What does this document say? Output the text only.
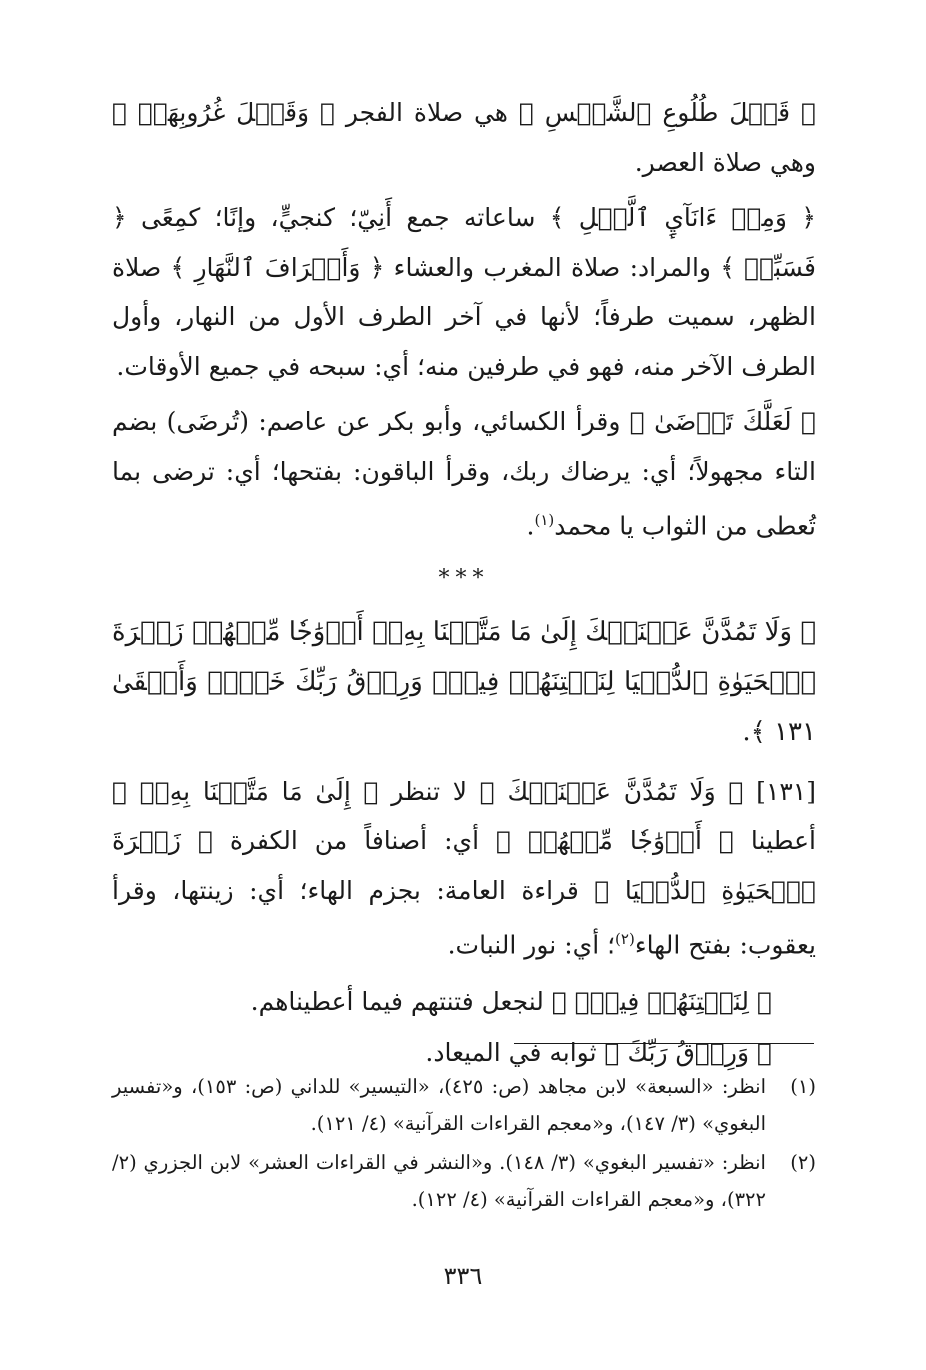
﴿ قَبۡلَ طُلُوعِ ٱلشَّمۡسِ ﴾ هي صلاة الفجر ﴿ وَقَبۡلَ غُرُوبِهَاۖ ﴾ وهي صلاة العصر.

﴿ وَمِنۡ ءَانَآيِٕ ٱلَّيۡلِ ﴾ ساعاته جمع أَنِيّ؛ كنجيٍّ، وإنًا؛ كمِعًى ﴿ فَسَبِّحۡ ﴾ والمراد: صلاة المغرب والعشاء ﴿ وَأَطۡرَافَ ٱلنَّهَارِ ﴾ صلاة الظهر، سميت طرفاً؛ لأنها في آخر الطرف الأول من النهار، وأول الطرف الآخر منه، فهو في طرفين منه؛ أي: سبحه في جميع الأوقات.

﴿ لَعَلَّكَ تَرۡضَىٰ ﴾ وقرأ الكسائي، وأبو بكر عن عاصم: (تُرضَى) بضم التاء مجهولاً؛ أي: يرضاك ربك، وقرأ الباقون: بفتحها؛ أي: ترضى بما تُعطى من الثواب يا محمد$^{(١)}$.

***

﴿ وَلَا تَمُدَّنَّ عَيۡنَيۡكَ إِلَىٰ مَا مَتَّعۡنَا بِهِۦٓ أَزۡوَٰجٗا مِّنۡهُمۡ زَهۡرَةَ ٱلۡحَيَوٰةِ ٱلدُّنۡيَا لِنَفۡتِنَهُمۡ فِيهِۚ وَرِزۡقُ رَبِّكَ خَيۡرٞ وَأَبۡقَىٰ ١٣١ ﴾.

[١٣١] ﴿ وَلَا تَمُدَّنَّ عَيۡنَيۡكَ ﴾ لا تنظر ﴿ إِلَىٰ مَا مَتَّعۡنَا بِهِۦٓ ﴾ أعطينا ﴿ أَزۡوَٰجٗا مِّنۡهُمۡ ﴾ أي: أصنافاً من الكفرة ﴿ زَهۡرَةَ ٱلۡحَيَوٰةِ ٱلدُّنۡيَا ﴾ قراءة العامة: بجزم الهاء؛ أي: زينتها، وقرأ يعقوب: بفتح الهاء$^{(٢)}$؛ أي: نور النبات.

﴿ لِنَفۡتِنَهُمۡ فِيهِۚ ﴾ لنجعل فتنتهم فيما أعطيناهم.

﴿ وَرِزۡقُ رَبِّكَ ﴾ ثوابه في الميعاد.

(١)
انظر: «السبعة» لابن مجاهد (ص: ٤٢٥)، «التيسير» للداني (ص: ١٥٣)، و«تفسير البغوي» (٣/ ١٤٧)، و«معجم القراءات القرآنية» (٤/ ١٢١).

(٢)
انظر: «تفسير البغوي» (٣/ ١٤٨). و«النشر في القراءات العشر» لابن الجزري (٢/ ٣٢٢)، و«معجم القراءات القرآنية» (٤/ ١٢٢).

٣٣٦
